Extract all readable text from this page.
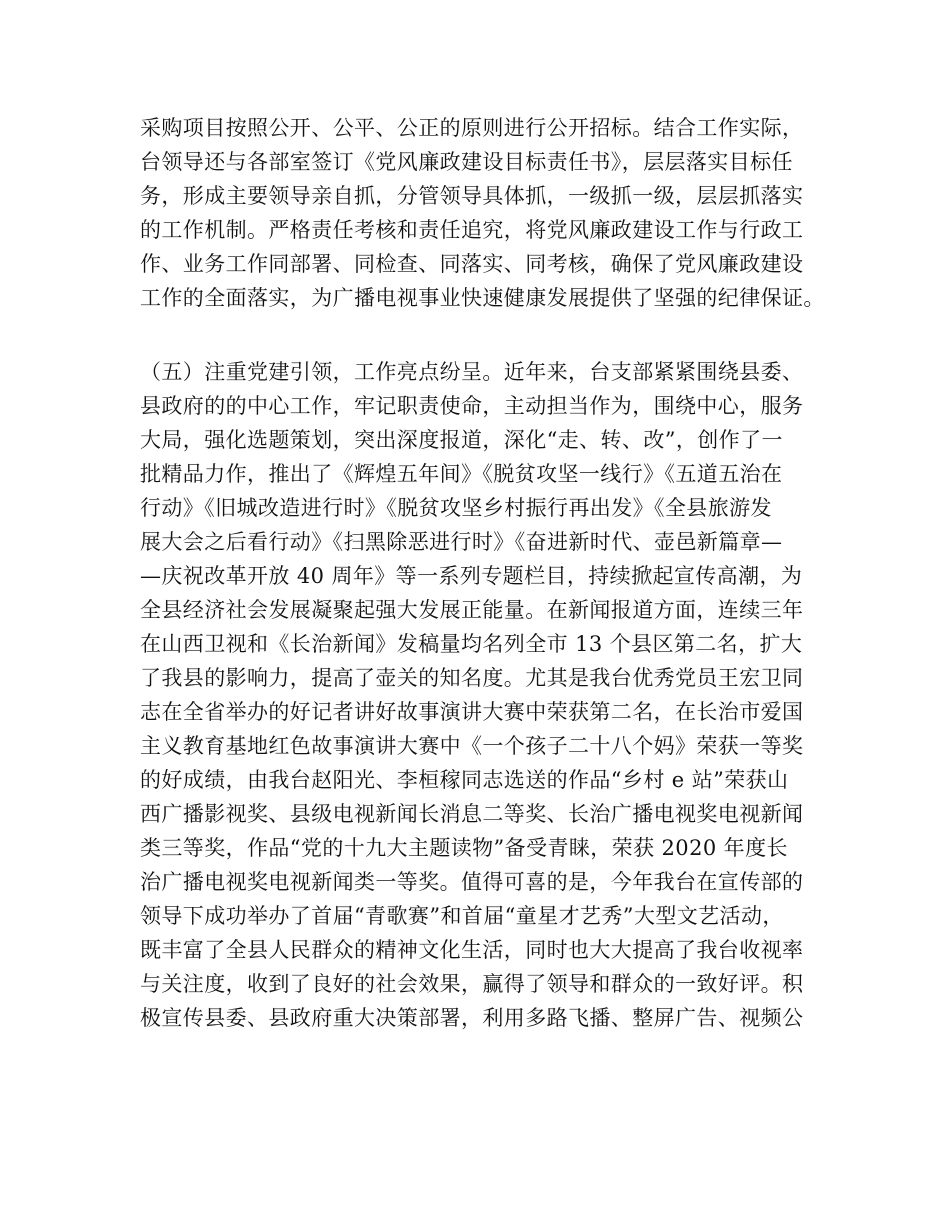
采购项目按照公开、公平、公正的原则进行公开招标。结合工作实际，
台领导还与各部室签订《党风廉政建设目标责任书》，层层落实目标任
务，形成主要领导亲自抓，分管领导具体抓，一级抓一级，层层抓落实
的工作机制。严格责任考核和责任追究，将党风廉政建设工作与行政工
作、业务工作同部署、同检查、同落实、同考核，确保了党风廉政建设
工作的全面落实，为广播电视事业快速健康发展提供了坚强的纪律保证。
（五）注重党建引领，工作亮点纷呈。近年来，台支部紧紧围绕县委、
县政府的的中心工作，牢记职责使命，主动担当作为，围绕中心，服务
大局，强化选题策划，突出深度报道，深化“走、转、改”，创作了一
批精品力作，推出了《辉煌五年间》《脱贫攻坚一线行》《五道五治在
行动》《旧城改造进行时》《脱贫攻坚乡村振行再出发》《全县旅游发
展大会之后看行动》《扫黑除恶进行时》《奋进新时代、壶邑新篇章—
—庆祝改革开放 40 周年》等一系列专题栏目，持续掀起宣传高潮，为
全县经济社会发展凝聚起强大发展正能量。在新闻报道方面，连续三年
在山西卫视和《长治新闻》发稿量均名列全市 13 个县区第二名，扩大
了我县的影响力，提高了壶关的知名度。尤其是我台优秀党员王宏卫同
志在全省举办的好记者讲好故事演讲大赛中荣获第二名，在长治市爱国
主义教育基地红色故事演讲大赛中《一个孩子二十八个妈》荣获一等奖
的好成绩，由我台赵阳光、李桓稼同志选送的作品“乡村 e 站”荣获山
西广播影视奖、县级电视新闻长消息二等奖、长治广播电视奖电视新闻
类三等奖，作品“党的十九大主题读物”备受青睐，荣获 2020 年度长
治广播电视奖电视新闻类一等奖。值得可喜的是，今年我台在宣传部的
领导下成功举办了首届“青歌赛”和首届“童星才艺秀”大型文艺活动，
既丰富了全县人民群众的精神文化生活，同时也大大提高了我台收视率
与关注度，收到了良好的社会效果，赢得了领导和群众的一致好评。积
极宣传县委、县政府重大决策部署，利用多路飞播、整屏广告、视频公
